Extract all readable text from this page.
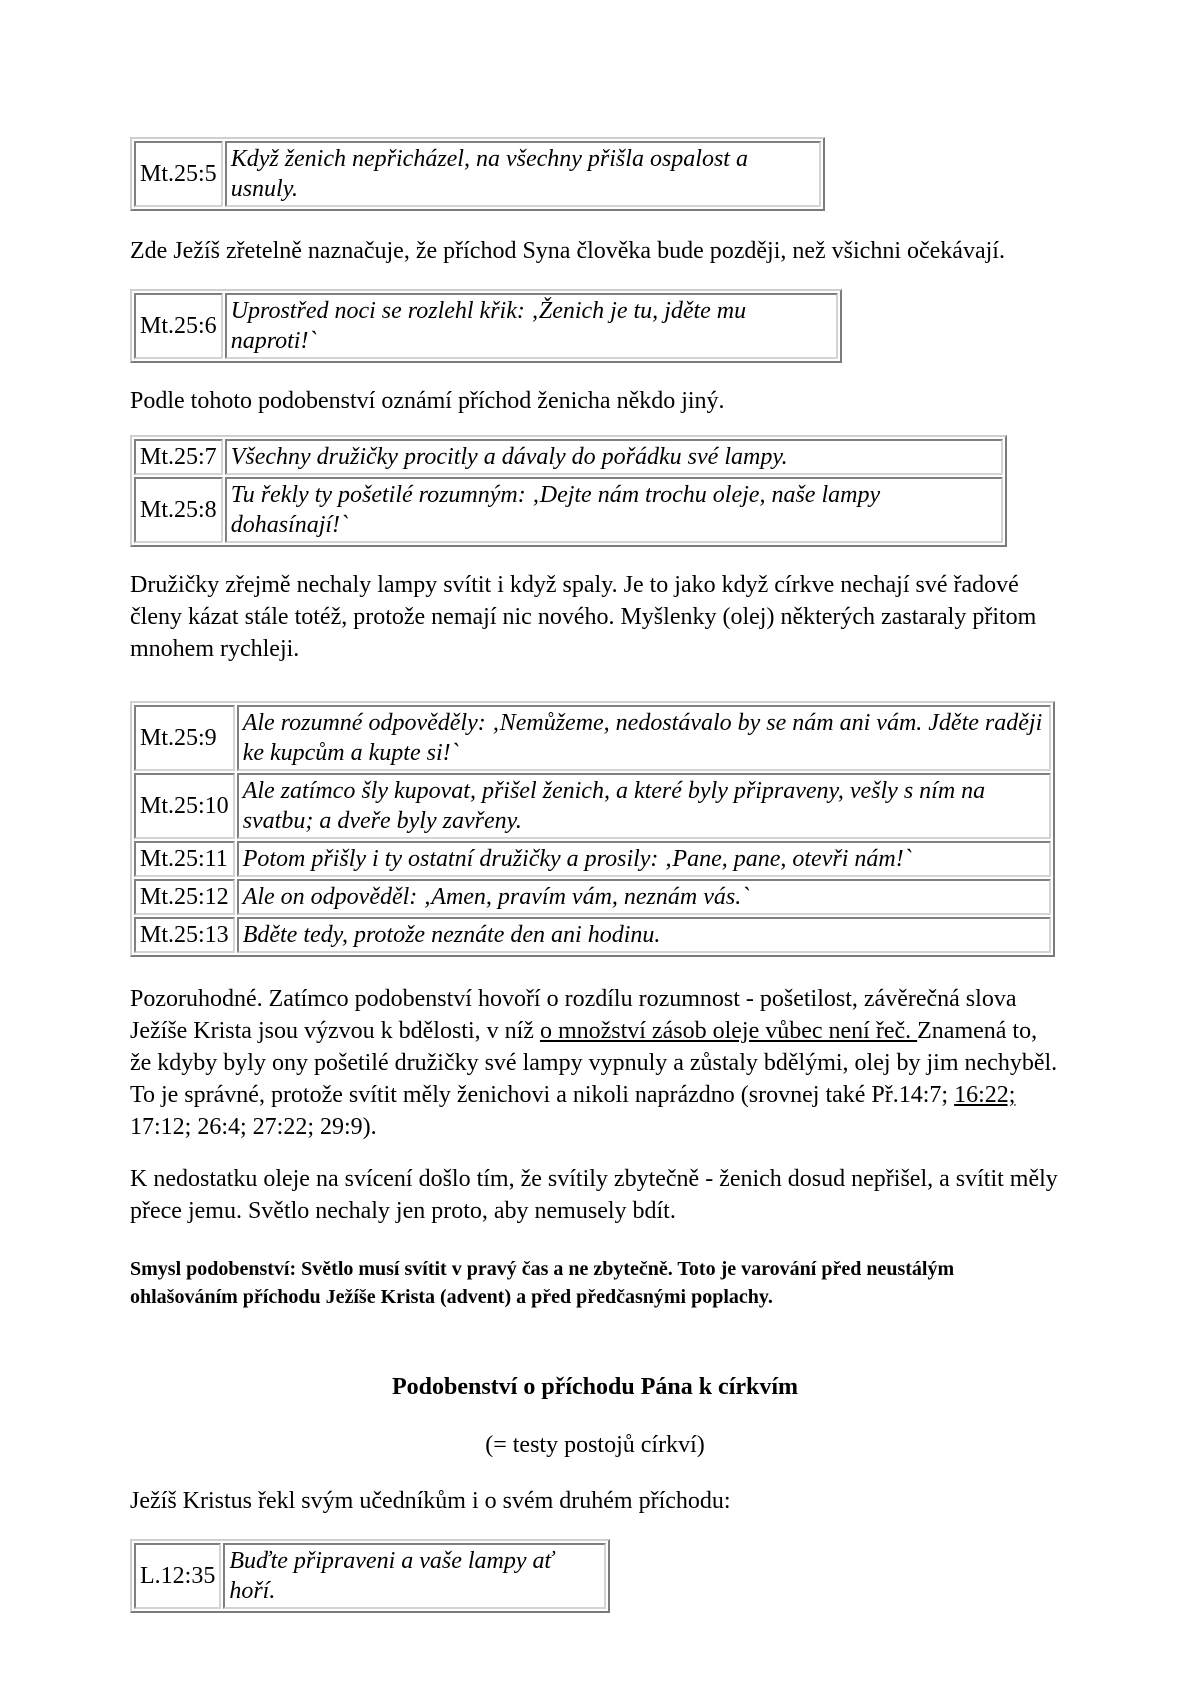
Mt.25:5	Když ženich nepřicházel, na všechny přišla ospalost a usnuly.

Zde Ježíš zřetelně naznačuje, že příchod Syna člověka bude později, než všichni očekávají.

Mt.25:6	Uprostřed noci se rozlehl křik: ‚Ženich je tu, jděte mu naproti!`

Podle tohoto podobenství oznámí příchod ženicha někdo jiný.

Mt.25:7	Všechny družičky procitly a dávaly do pořádku své lampy.
Mt.25:8	Tu řekly ty pošetilé rozumným: ‚Dejte nám trochu oleje, naše lampy dohasínají!`

Družičky zřejmě nechaly lampy svítit i když spaly. Je to jako když církve nechají své řadové členy kázat stále totéž, protože nemají nic nového. Myšlenky (olej) některých zastaraly přitom mnohem rychleji.

Mt.25:9	Ale rozumné odpověděly: ‚Nemůžeme, nedostávalo by se nám ani vám. Jděte raději ke kupcům a kupte si!`
Mt.25:10	Ale zatímco šly kupovat, přišel ženich, a které byly připraveny, vešly s ním na svatbu; a dveře byly zavřeny.
Mt.25:11	Potom přišly i ty ostatní družičky a prosily: ‚Pane, pane, otevři nám!`
Mt.25:12	Ale on odpověděl: ‚Amen, pravím vám, neznám vás.`
Mt.25:13	Bděte tedy, protože neznáte den ani hodinu.

Pozoruhodné. Zatímco podobenství hovoří o rozdílu rozumnost - pošetilost, závěrečná slova Ježíše Krista jsou výzvou k bdělosti, v níž o množství zásob oleje vůbec není řeč. Znamená to, že kdyby byly ony pošetilé družičky své lampy vypnuly a zůstaly bdělými, olej by jim nechyběl. To je správné, protože svítit měly ženichovi a nikoli naprázdno (srovnej také Př.14:7; 16:22; 17:12; 26:4; 27:22; 29:9).

K nedostatku oleje na svícení došlo tím, že svítily zbytečně - ženich dosud nepřišel, a svítit měly přece jemu. Světlo nechaly jen proto, aby nemusely bdít.

Smysl podobenství: Světlo musí svítit v pravý čas a ne zbytečně. Toto je varování před neustálým ohlašováním příchodu Ježíše Krista (advent) a před předčasnými poplachy.

Podobenství o příchodu Pána k církvím

(= testy postojů církví)

Ježíš Kristus řekl svým učedníkům i o svém druhém příchodu:

L.12:35	Buďte připraveni a vaše lampy ať hoří.
